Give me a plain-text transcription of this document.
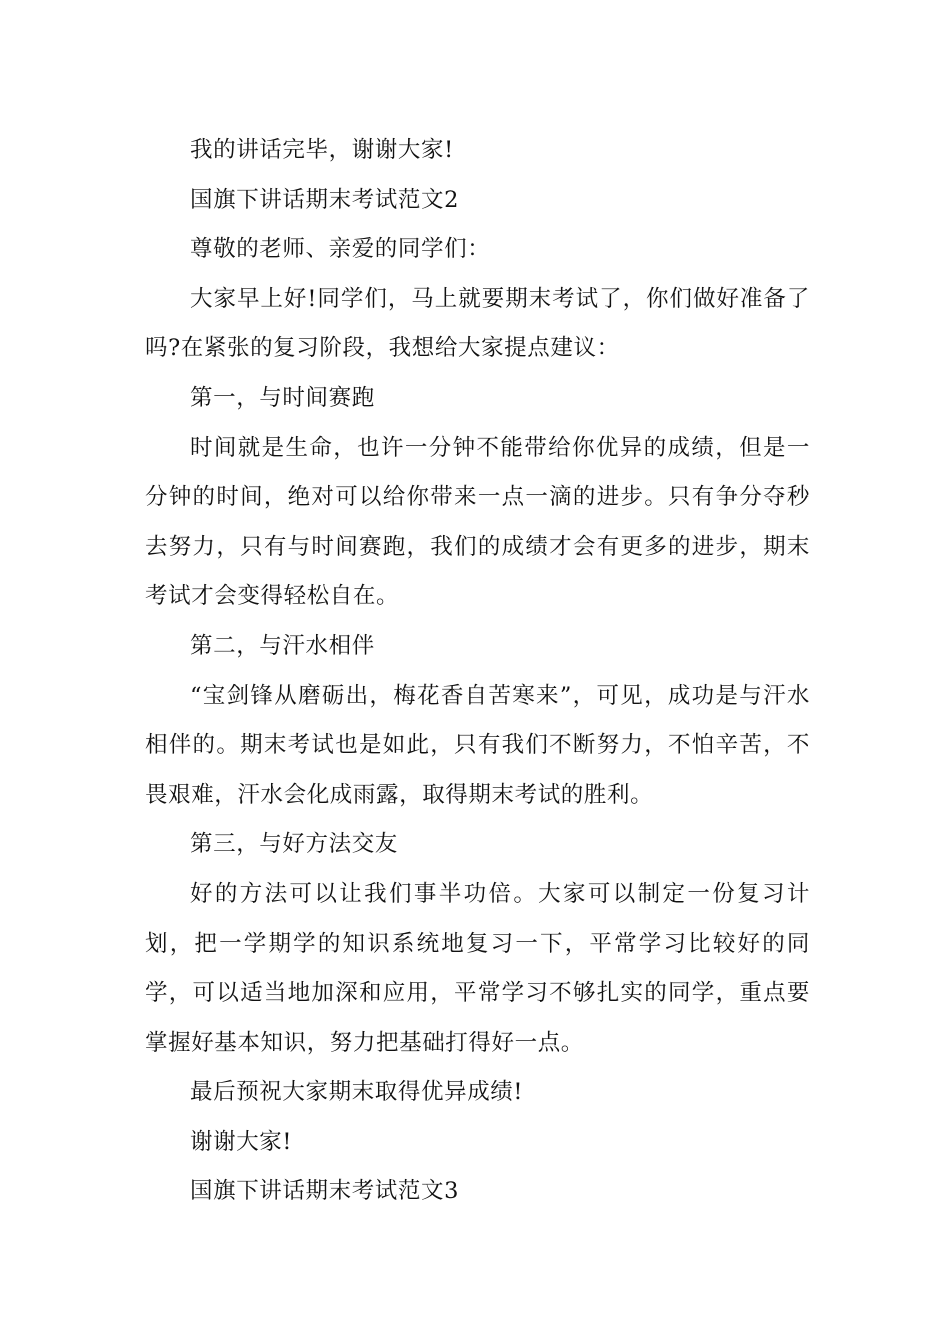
我的讲话完毕，谢谢大家!

国旗下讲话期末考试范文2

尊敬的老师、亲爱的同学们：

大家早上好!同学们，马上就要期末考试了，你们做好准备了吗?在紧张的复习阶段，我想给大家提点建议：

第一，与时间赛跑

时间就是生命，也许一分钟不能带给你优异的成绩，但是一分钟的时间，绝对可以给你带来一点一滴的进步。只有争分夺秒去努力，只有与时间赛跑，我们的成绩才会有更多的进步，期末考试才会变得轻松自在。

第二，与汗水相伴

“宝剑锋从磨砺出，梅花香自苦寒来”，可见，成功是与汗水相伴的。期末考试也是如此，只有我们不断努力，不怕辛苦，不畏艰难，汗水会化成雨露，取得期末考试的胜利。

第三，与好方法交友

好的方法可以让我们事半功倍。大家可以制定一份复习计划，把一学期学的知识系统地复习一下，平常学习比较好的同学，可以适当地加深和应用，平常学习不够扎实的同学，重点要掌握好基本知识，努力把基础打得好一点。

最后预祝大家期末取得优异成绩!

谢谢大家!

国旗下讲话期末考试范文3
